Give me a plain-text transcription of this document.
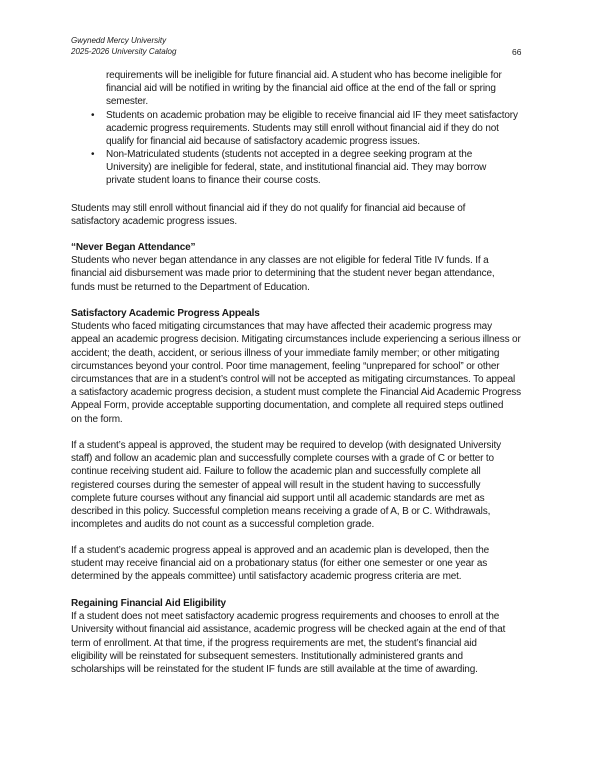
Gwynedd Mercy University
2025-2026 University Catalog	66
requirements will be ineligible for future financial aid. A student who has become ineligible for
financial aid will be notified in writing by the financial aid office at the end of the fall or spring
semester.
• Students on academic probation may be eligible to receive financial aid IF they meet satisfactory
academic progress requirements. Students may still enroll without financial aid if they do not
qualify for financial aid because of satisfactory academic progress issues.
• Non-Matriculated students (students not accepted in a degree seeking program at the
University) are ineligible for federal, state, and institutional financial aid. They may borrow
private student loans to finance their course costs.
Students may still enroll without financial aid if they do not qualify for financial aid because of
satisfactory academic progress issues.
“Never Began Attendance”
Students who never began attendance in any classes are not eligible for federal Title IV funds. If a
financial aid disbursement was made prior to determining that the student never began attendance,
funds must be returned to the Department of Education.
Satisfactory Academic Progress Appeals
Students who faced mitigating circumstances that may have affected their academic progress may
appeal an academic progress decision. Mitigating circumstances include experiencing a serious illness or
accident; the death, accident, or serious illness of your immediate family member; or other mitigating
circumstances beyond your control. Poor time management, feeling “unprepared for school” or other
circumstances that are in a student’s control will not be accepted as mitigating circumstances. To appeal
a satisfactory academic progress decision, a student must complete the Financial Aid Academic Progress
Appeal Form, provide acceptable supporting documentation, and complete all required steps outlined
on the form.
If a student’s appeal is approved, the student may be required to develop (with designated University
staff) and follow an academic plan and successfully complete courses with a grade of C or better to
continue receiving student aid. Failure to follow the academic plan and successfully complete all
registered courses during the semester of appeal will result in the student having to successfully
complete future courses without any financial aid support until all academic standards are met as
described in this policy. Successful completion means receiving a grade of A, B or C. Withdrawals,
incompletes and audits do not count as a successful completion grade.
If a student’s academic progress appeal is approved and an academic plan is developed, then the
student may receive financial aid on a probationary status (for either one semester or one year as
determined by the appeals committee) until satisfactory academic progress criteria are met.
Regaining Financial Aid Eligibility
If a student does not meet satisfactory academic progress requirements and chooses to enroll at the
University without financial aid assistance, academic progress will be checked again at the end of that
term of enrollment. At that time, if the progress requirements are met, the student’s financial aid
eligibility will be reinstated for subsequent semesters. Institutionally administered grants and
scholarships will be reinstated for the student IF funds are still available at the time of awarding.
